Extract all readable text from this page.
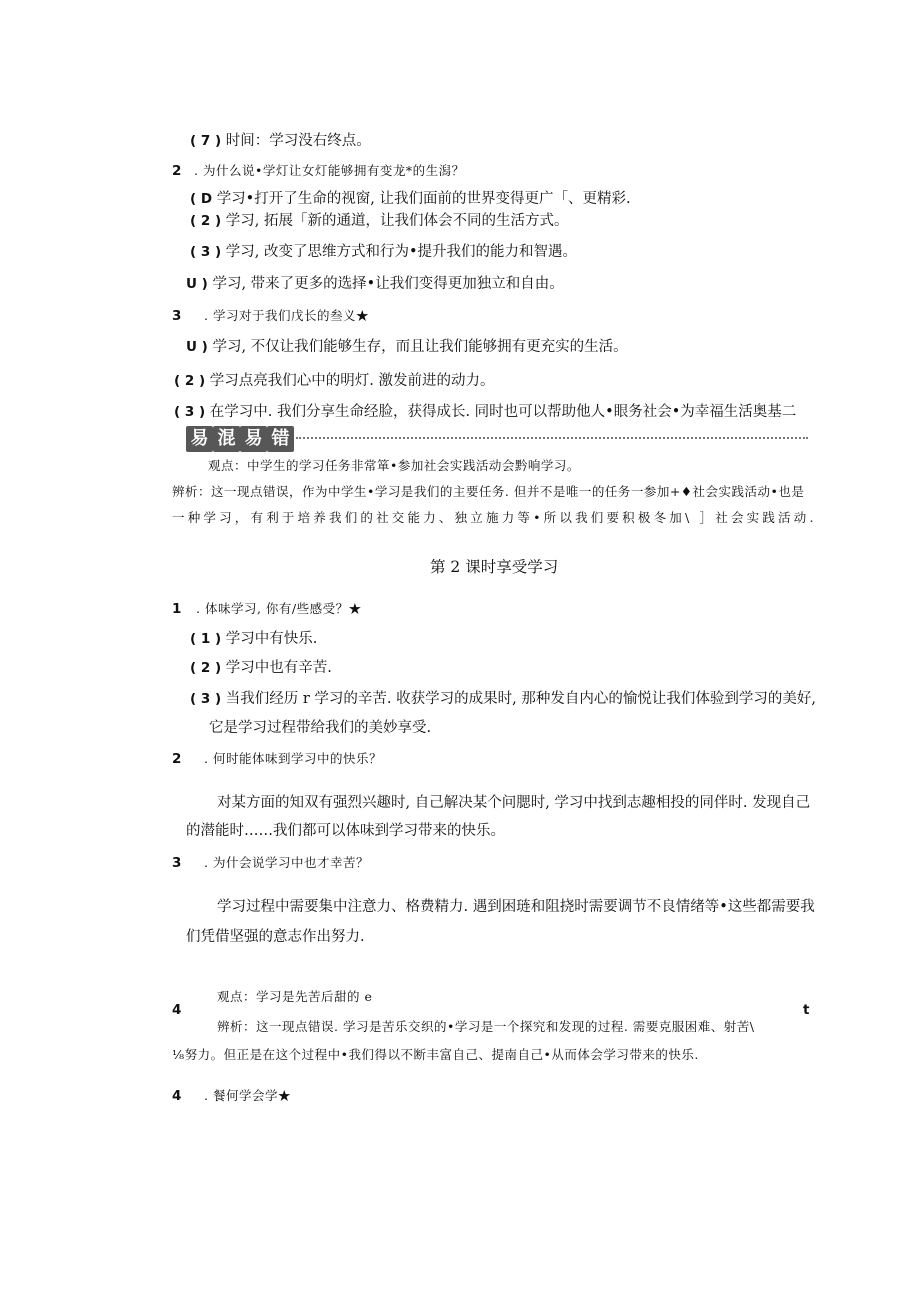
( 7 ) 时间：学习没右终点。
2 . 为什么说•学灯让女灯能够拥有变龙*的生潟？
( D 学习•打开了生命的视窗, 让我们面前的世界变得更广「、更精彩.
( 2 ) 学习, 拓展「新的通道，让我们体会不同的生活方式。
( 3 ) 学习, 改变了思维方式和行为•提升我们的能力和智遇。
U ) 学习, 带来了更多的选择•让我们变得更加独立和自由。
3 . 学习对于我们戊长的叁义★
U ) 学习, 不仅让我们能够生存，而且让我们能够拥有更充实的生活。
( 2 ) 学习点亮我们心中的明灯. 激发前进的动力。
( 3 ) 在学习中. 我们分享生命经脸，获得成长. 同时也可以帮助他人•眼务社会•为幸福生活奥基二
易 混 易 错
观点：中学生的学习任务非常箪•参加社会实践活动会黔响学习。
辨析：这一现点错误，作为中学生•学习是我们的主要任务. 但并不是唯一的任务一参加+♦社会实践活动•也是
一种学习，有利于培养我们的社交能力、独立施力等•所以我们要积极冬加\ ］社会实践活动.
第 2 课时享受学习
1 . 体味学习, 你有/些感受？★
( 1 ) 学习中有快乐.
( 2 ) 学习中也有辛苦.
( 3 ) 当我们经历 r 学习的辛苦. 收获学习的成果时, 那种发自内心的愉悦让我们体验到学习的美好,
它是学习过程带给我们的美妙享受.
2 . 何时能体味到学习中的快乐？
对某方面的知双有强烈兴趣时, 自己解决某个问腮时, 学习中找到志趣相投的同伴时. 发现自己
的潜能时……我们都可以体味到学习带来的快乐。
3 . 为什会说学习中也才幸苦？
学习过程中需要集中注意力、格费精力. 遇到困琏和阻挠时需要调节不良情绪等•这些都需要我
们凭借坚强的意志作出努力.
观点：学习是先苦后甜的 e
4	t
辨析：这一现点错误. 学习是苦乐交织的•学习是一个探究和发现的过程. 需要克服困难、射苦\
⅛努力。但正是在这个过程中•我们得以不断丰富自己、提南自己•从而体会学习带来的快乐.
4 . 餐何学会学★
